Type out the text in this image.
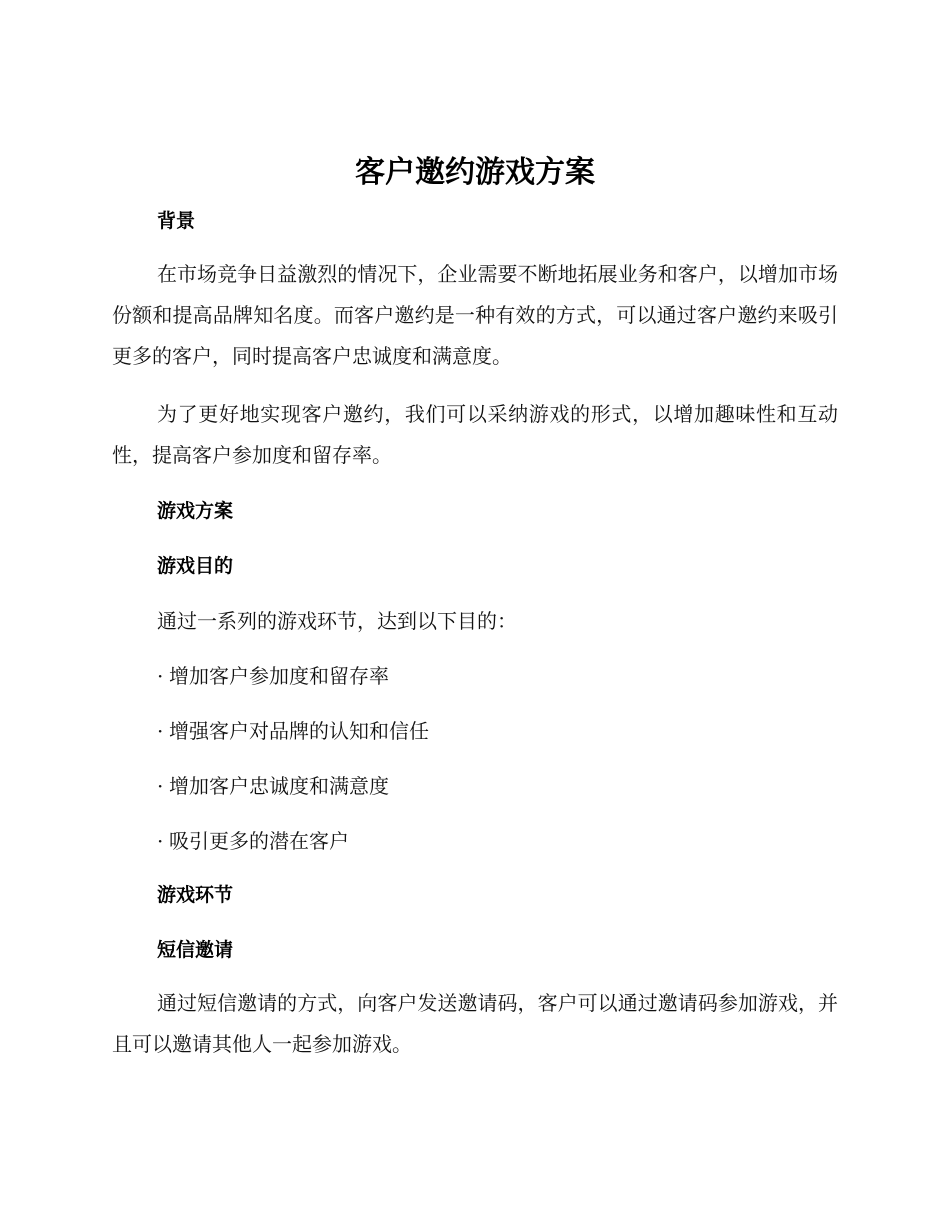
客户邀约游戏方案
背景

在市场竞争日益激烈的情况下，企业需要不断地拓展业务和客户，以增加市场份额和提高品牌知名度。而客户邀约是一种有效的方式，可以通过客户邀约来吸引更多的客户，同时提高客户忠诚度和满意度。

为了更好地实现客户邀约，我们可以采纳游戏的形式，以增加趣味性和互动性，提高客户参加度和留存率。

游戏方案
游戏目的
通过一系列的游戏环节，达到以下目的：
· 增加客户参加度和留存率
· 增强客户对品牌的认知和信任
· 增加客户忠诚度和满意度
· 吸引更多的潜在客户
游戏环节
短信邀请

通过短信邀请的方式，向客户发送邀请码，客户可以通过邀请码参加游戏，并且可以邀请其他人一起参加游戏。
